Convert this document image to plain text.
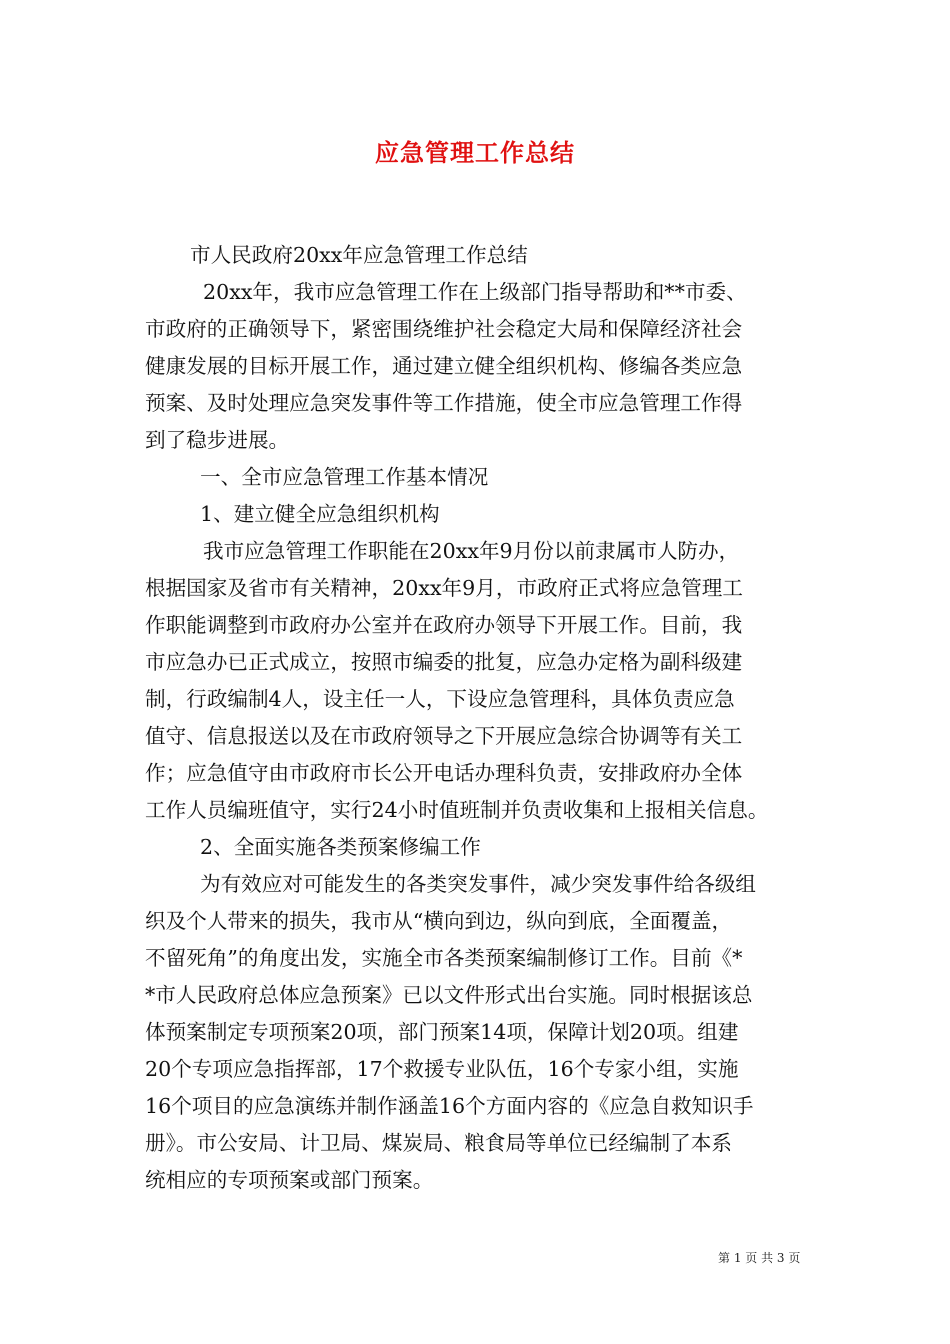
应急管理工作总结
市人民政府20xx年应急管理工作总结
20xx年，我市应急管理工作在上级部门指导帮助和**市委、
市政府的正确领导下，紧密围绕维护社会稳定大局和保障经济社会
健康发展的目标开展工作，通过建立健全组织机构、修编各类应急
预案、及时处理应急突发事件等工作措施，使全市应急管理工作得
到了稳步进展。
一、全市应急管理工作基本情况
1、建立健全应急组织机构
我市应急管理工作职能在20xx年9月份以前隶属市人防办，
根据国家及省市有关精神，20xx年9月，市政府正式将应急管理工
作职能调整到市政府办公室并在政府办领导下开展工作。目前，我
市应急办已正式成立，按照市编委的批复，应急办定格为副科级建
制，行政编制4人，设主任一人，下设应急管理科，具体负责应急
值守、信息报送以及在市政府领导之下开展应急综合协调等有关工
作；应急值守由市政府市长公开电话办理科负责，安排政府办全体
工作人员编班值守，实行24小时值班制并负责收集和上报相关信息。
2、全面实施各类预案修编工作
为有效应对可能发生的各类突发事件，减少突发事件给各级组
织及个人带来的损失，我市从“横向到边，纵向到底，全面覆盖，
不留死角”的角度出发，实施全市各类预案编制修订工作。目前《*
*市人民政府总体应急预案》已以文件形式出台实施。同时根据该总
体预案制定专项预案20项，部门预案14项，保障计划20项。组建
20个专项应急指挥部，17个救援专业队伍，16个专家小组，实施
16个项目的应急演练并制作涵盖16个方面内容的《应急自救知识手
册》。市公安局、计卫局、煤炭局、粮食局等单位已经编制了本系
统相应的专项预案或部门预案。
第 1 页 共 3 页
